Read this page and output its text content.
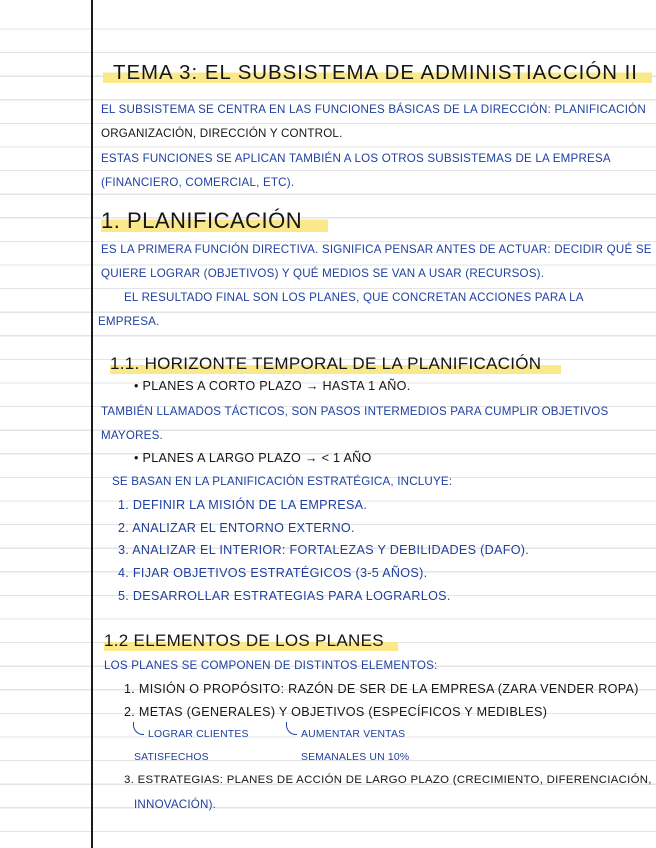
TEMA 3: EL SUBSISTEMA DE ADMINISTIACCIÓN II
EL SUBSISTEMA SE CENTRA EN LAS FUNCIONES BÁSICAS DE LA DIRECCIÓN: PLANIFICACIÓN
ORGANIZACIÓN, DIRECCIÓN Y CONTROL.
ESTAS FUNCIONES SE APLICAN TAMBIÉN A LOS OTROS SUBSISTEMAS DE LA EMPRESA
(FINANCIERO, COMERCIAL, ETC).
1. PLANIFICACIÓN
ES LA PRIMERA FUNCIÓN DIRECTIVA. SIGNIFICA PENSAR ANTES DE ACTUAR: DECIDIR QUÉ SE
QUIERE LOGRAR (OBJETIVOS) Y QUÉ MEDIOS SE VAN A USAR (RECURSOS).
EL RESULTADO FINAL SON LOS PLANES, QUE CONCRETAN ACCIONES PARA LA
EMPRESA.
1.1. HORIZONTE TEMPORAL DE LA PLANIFICACIÓN
• PLANES A CORTO PLAZO → HASTA 1 AÑO.
TAMBIÉN LLAMADOS TÁCTICOS, SON PASOS INTERMEDIOS PARA CUMPLIR OBJETIVOS
MAYORES.
• PLANES A LARGO PLAZO → < 1 AÑO
SE BASAN EN LA PLANIFICACIÓN ESTRATÉGICA, INCLUYE:
1. DEFINIR LA MISIÓN DE LA EMPRESA.
2. ANALIZAR EL ENTORNO EXTERNO.
3. ANALIZAR EL INTERIOR: FORTALEZAS Y DEBILIDADES (DAFO).
4. FIJAR OBJETIVOS ESTRATÉGICOS (3-5 AÑOS).
5. DESARROLLAR ESTRATEGIAS PARA LOGRARLOS.
1.2 ELEMENTOS DE LOS PLANES
LOS PLANES SE COMPONEN DE DISTINTOS ELEMENTOS:
1. MISIÓN O PROPÓSITO: RAZÓN DE SER DE LA EMPRESA (ZARA VENDER ROPA)
2. METAS (GENERALES) Y OBJETIVOS (ESPECÍFICOS Y MEDIBLES)
LOGRAR CLIENTES
SATISFECHOS
AUMENTAR VENTAS
SEMANALES UN 10%
3. ESTRATEGIAS: PLANES DE ACCIÓN DE LARGO PLAZO (CRECIMIENTO, DIFERENCIACIÓN,
INNOVACIÓN).
